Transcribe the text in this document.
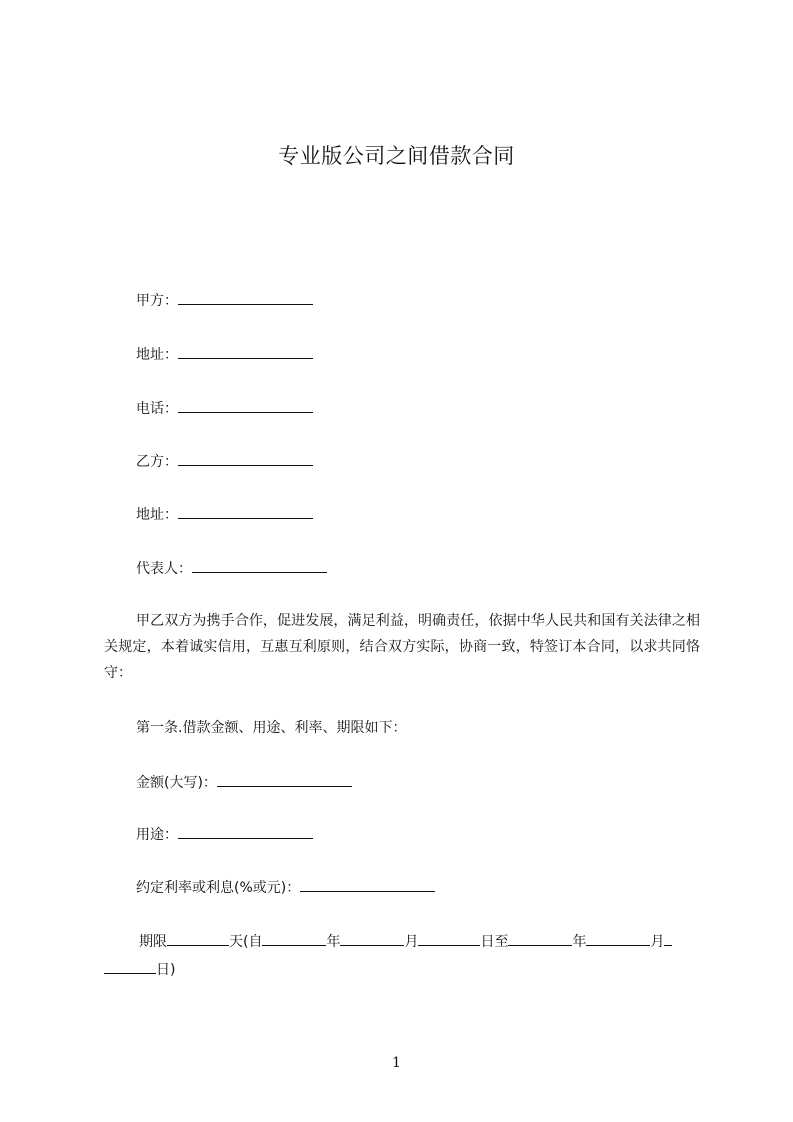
专业版公司之间借款合同
甲方：
地址：
电话：
乙方：
地址：
代表人：
甲乙双方为携手合作，促进发展，满足利益，明确责任，依据中华人民共和国有关法律之相关规定，本着诚实信用，互惠互利原则，结合双方实际，协商一致，特签订本合同，以求共同恪守：
第一条.借款金额、用途、利率、期限如下：
金额(大写)：
用途：
约定利率或利息(%或元)：
期限	天(自	年	月	日至	年	月
日)
1
